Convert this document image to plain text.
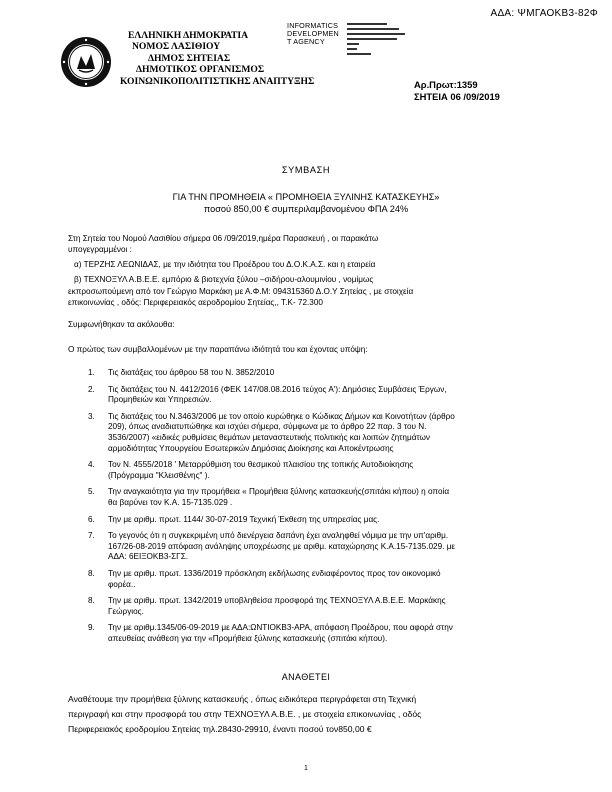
ΑΔΑ: ΨΜΓΑΟΚΒ3-82Φ
ΕΛΛΗΝΙΚΗ ΔΗΜΟΚΡΑΤΙΑ
ΝΟΜΟΣ ΛΑΣΙΘΙΟΥ
ΔΗΜΟΣ ΣΗΤΕΙΑΣ
ΔΗΜΟΤΙΚΟΣ ΟΡΓΑΝΙΣΜΟΣ
ΚΟΙΝΩΝΙΚΟΠΟΛΙΤΙΣΤΙΚΗΣ ΑΝΑΠΤΥΞΗΣ
INFORMATICS
DEVELOPMEN
T AGENCY
Αρ.Πρωτ:1359
ΣΗΤΕΙΑ 06 /09/2019
ΣΥΜΒΑΣΗ
ΓΙΑ ΤΗΝ ΠΡΟΜΗΘΕΙΑ « ΠΡΟΜΗΘΕΙΑ ΞΥΛΙΝΗΣ ΚΑΤΑΣΚΕΥΗΣ»
ποσού 850,00 € συμπεριλαμβανομένου ΦΠΑ 24%
Στη Σητεία του Νομού Λασιθίου σήμερα 06 /09/2019,ημέρα Παρασκευή , οι παρακάτω
υπογεγραμμένοι :
α) ΤΕΡΖΗΣ ΛΕΩΝΙΔΑΣ, με την ιδιότητα του Προέδρου του Δ.Ο.Κ.Α.Σ. και η εταιρεία
β) ΤΕΧΝΟΞΥΛ Α.Β.Ε.Ε. εμπόριο & βιοτεχνία ξύλου –σιδήρου-αλουμινίου , νομίμως
εκπροσωπούμενη από τον Γεώργιο Μαρκάκη με Α.Φ.Μ: 094315360 Δ.Ο.Υ Σητείας , με στοιχεία
επικοινωνίας , οδός: Περιφερειακός αεροδρομίου Σητείας,, Τ.Κ- 72.300
Συμφωνήθηκαν τα ακόλουθα:
Ο πρώτος των συμβαλλομένων με την παραπάνω ιδιότητά του και έχοντας υπόψη:
1. Τις διατάξεις του άρθρου 58 του Ν. 3852/2010
2. Τις διατάξεις του Ν. 4412/2016 (ΦΕΚ 147/08.08.2016 τεύχος Α'): Δημόσιες Συμβάσεις Έργων,
Προμηθειών και Υπηρεσιών.
3. Τις διατάξεις του Ν.3463/2006 με τον οποίο κυρώθηκε ο Κώδικας Δήμων και Κοινοτήτων (άρθρο
209), όπως αναδιατυπώθηκε και ισχύει σήμερα, σύμφωνα με το άρθρο 22 παρ. 3 του Ν.
3536/2007) «ειδικές ρυθμίσεις θεμάτων μεταναστευτικής πολιτικής και λοιπών ζητημάτων
αρμοδιότητας Υπουργείου Εσωτερικών Δημόσιας Διοίκησης και Αποκέντρωσης
4. Τον Ν. 4555/2018 ' Μεταρρύθμιση του θεσμικού πλαισίου της τοπικής Αυτοδιοίκησης
(Πρόγραμμα "Κλεισθένης" ).
5. Την αναγκαιότητα για την προμήθεια « Προμήθεια ξύλινης κατασκευής(σπιτάκι κήπου) η οποία
θα βαρύνει τον Κ.Α. 15-7135.029 .
6. Την με αριθμ. πρωτ. 1144/ 30-07-2019 Τεχνική Έκθεση της υπηρεσίας μας.
7. Το γεγονός ότι η συγκεκριμένη υπό διενέργεια δαπάνη έχει αναληφθεί νόμιμα με την υπ'αριθμ.
167/26-08-2019 απόφαση ανάληψης υποχρέωσης με αριθμ. καταχώρησης Κ.Α.15-7135.029. με
ΑΔΑ: 6ΕΙΞΟΚΒ3-ΣΓΣ.
8. Την με αριθμ. πρωτ. 1336/2019 πρόσκληση εκδήλωσης ενδιαφέροντος προς τον οικονομικό
φορέα..
8. Την με αριθμ. πρωτ. 1342/2019 υποβληθείσα προσφορά της ΤΕΧΝΟΞΥΛ Α.Β.Ε.Ε. Μαρκάκης
Γεώργιος.
9. Την με αριθμ.1345/06-09-2019 με ΑΔΑ:ΩΝΤΙΟΚΒ3-ΑΡΑ, απόφαση Προέδρου, που αφορά στην
απευθείας ανάθεση για την «Προμήθεια ξύλινης κατασκευής (σπιτάκι κήπου).
ΑΝΑΘΕΤΕΙ
Αναθέτουμε την προμήθεια ξύλινης κατασκευής , όπως ειδικότερα περιγράφεται στη Τεχνική
περιγραφή και στην προσφορά του στην ΤΕΧΝΟΞΥΛ Α.Β.Ε. , με στοιχεία επικοινωνίας , οδός
Περιφερειακός εροδρομίου Σητείας τηλ.28430-29910, έναντι ποσού τον850,00 €
1
